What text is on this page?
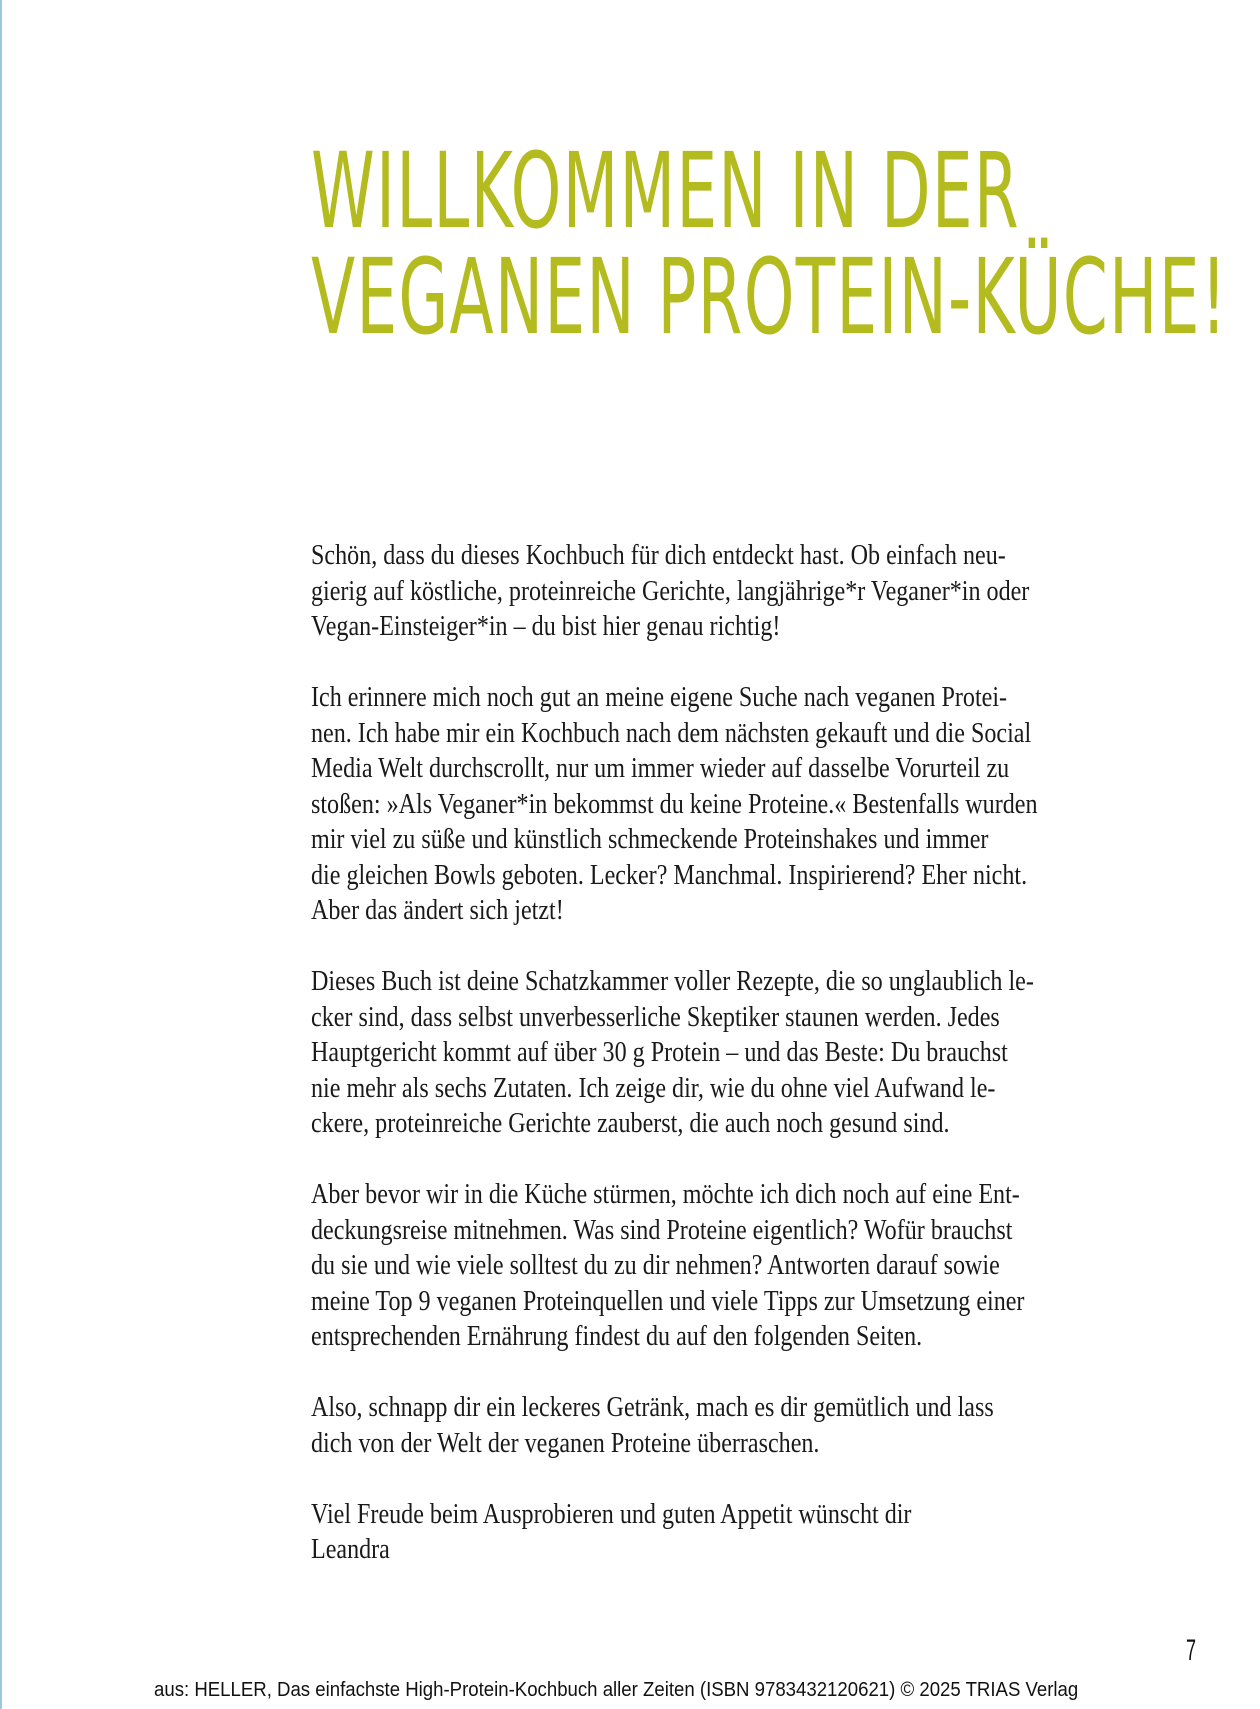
WILLKOMMEN IN DER
VEGANEN PROTEIN-KÜCHE!

Schön, dass du dieses Kochbuch für dich entdeckt hast. Ob einfach neu-
gierig auf köstliche, proteinreiche Gerichte, langjährige*r Veganer*in oder
Vegan-Einsteiger*in – du bist hier genau richtig!

Ich erinnere mich noch gut an meine eigene Suche nach veganen Protei-
nen. Ich habe mir ein Kochbuch nach dem nächsten gekauft und die Social
Media Welt durchscrollt, nur um immer wieder auf dasselbe Vorurteil zu
stoßen: »Als Veganer*in bekommst du keine Proteine.« Bestenfalls wurden
mir viel zu süße und künstlich schmeckende Proteinshakes und immer
die gleichen Bowls geboten. Lecker? Manchmal. Inspirierend? Eher nicht.
Aber das ändert sich jetzt!

Dieses Buch ist deine Schatzkammer voller Rezepte, die so unglaublich le-
cker sind, dass selbst unverbesserliche Skeptiker staunen werden. Jedes
Hauptgericht kommt auf über 30 g Protein – und das Beste: Du brauchst
nie mehr als sechs Zutaten. Ich zeige dir, wie du ohne viel Aufwand le-
ckere, proteinreiche Gerichte zauberst, die auch noch gesund sind.

Aber bevor wir in die Küche stürmen, möchte ich dich noch auf eine Ent-
deckungsreise mitnehmen. Was sind Proteine eigentlich? Wofür brauchst
du sie und wie viele solltest du zu dir nehmen? Antworten darauf sowie
meine Top 9 veganen Proteinquellen und viele Tipps zur Umsetzung einer
entsprechenden Ernährung findest du auf den folgenden Seiten.

Also, schnapp dir ein leckeres Getränk, mach es dir gemütlich und lass
dich von der Welt der veganen Proteine überraschen.

Viel Freude beim Ausprobieren und guten Appetit wünscht dir
Leandra

7
aus: HELLER, Das einfachste High-Protein-Kochbuch aller Zeiten (ISBN 9783432120621) © 2025 TRIAS Verlag
